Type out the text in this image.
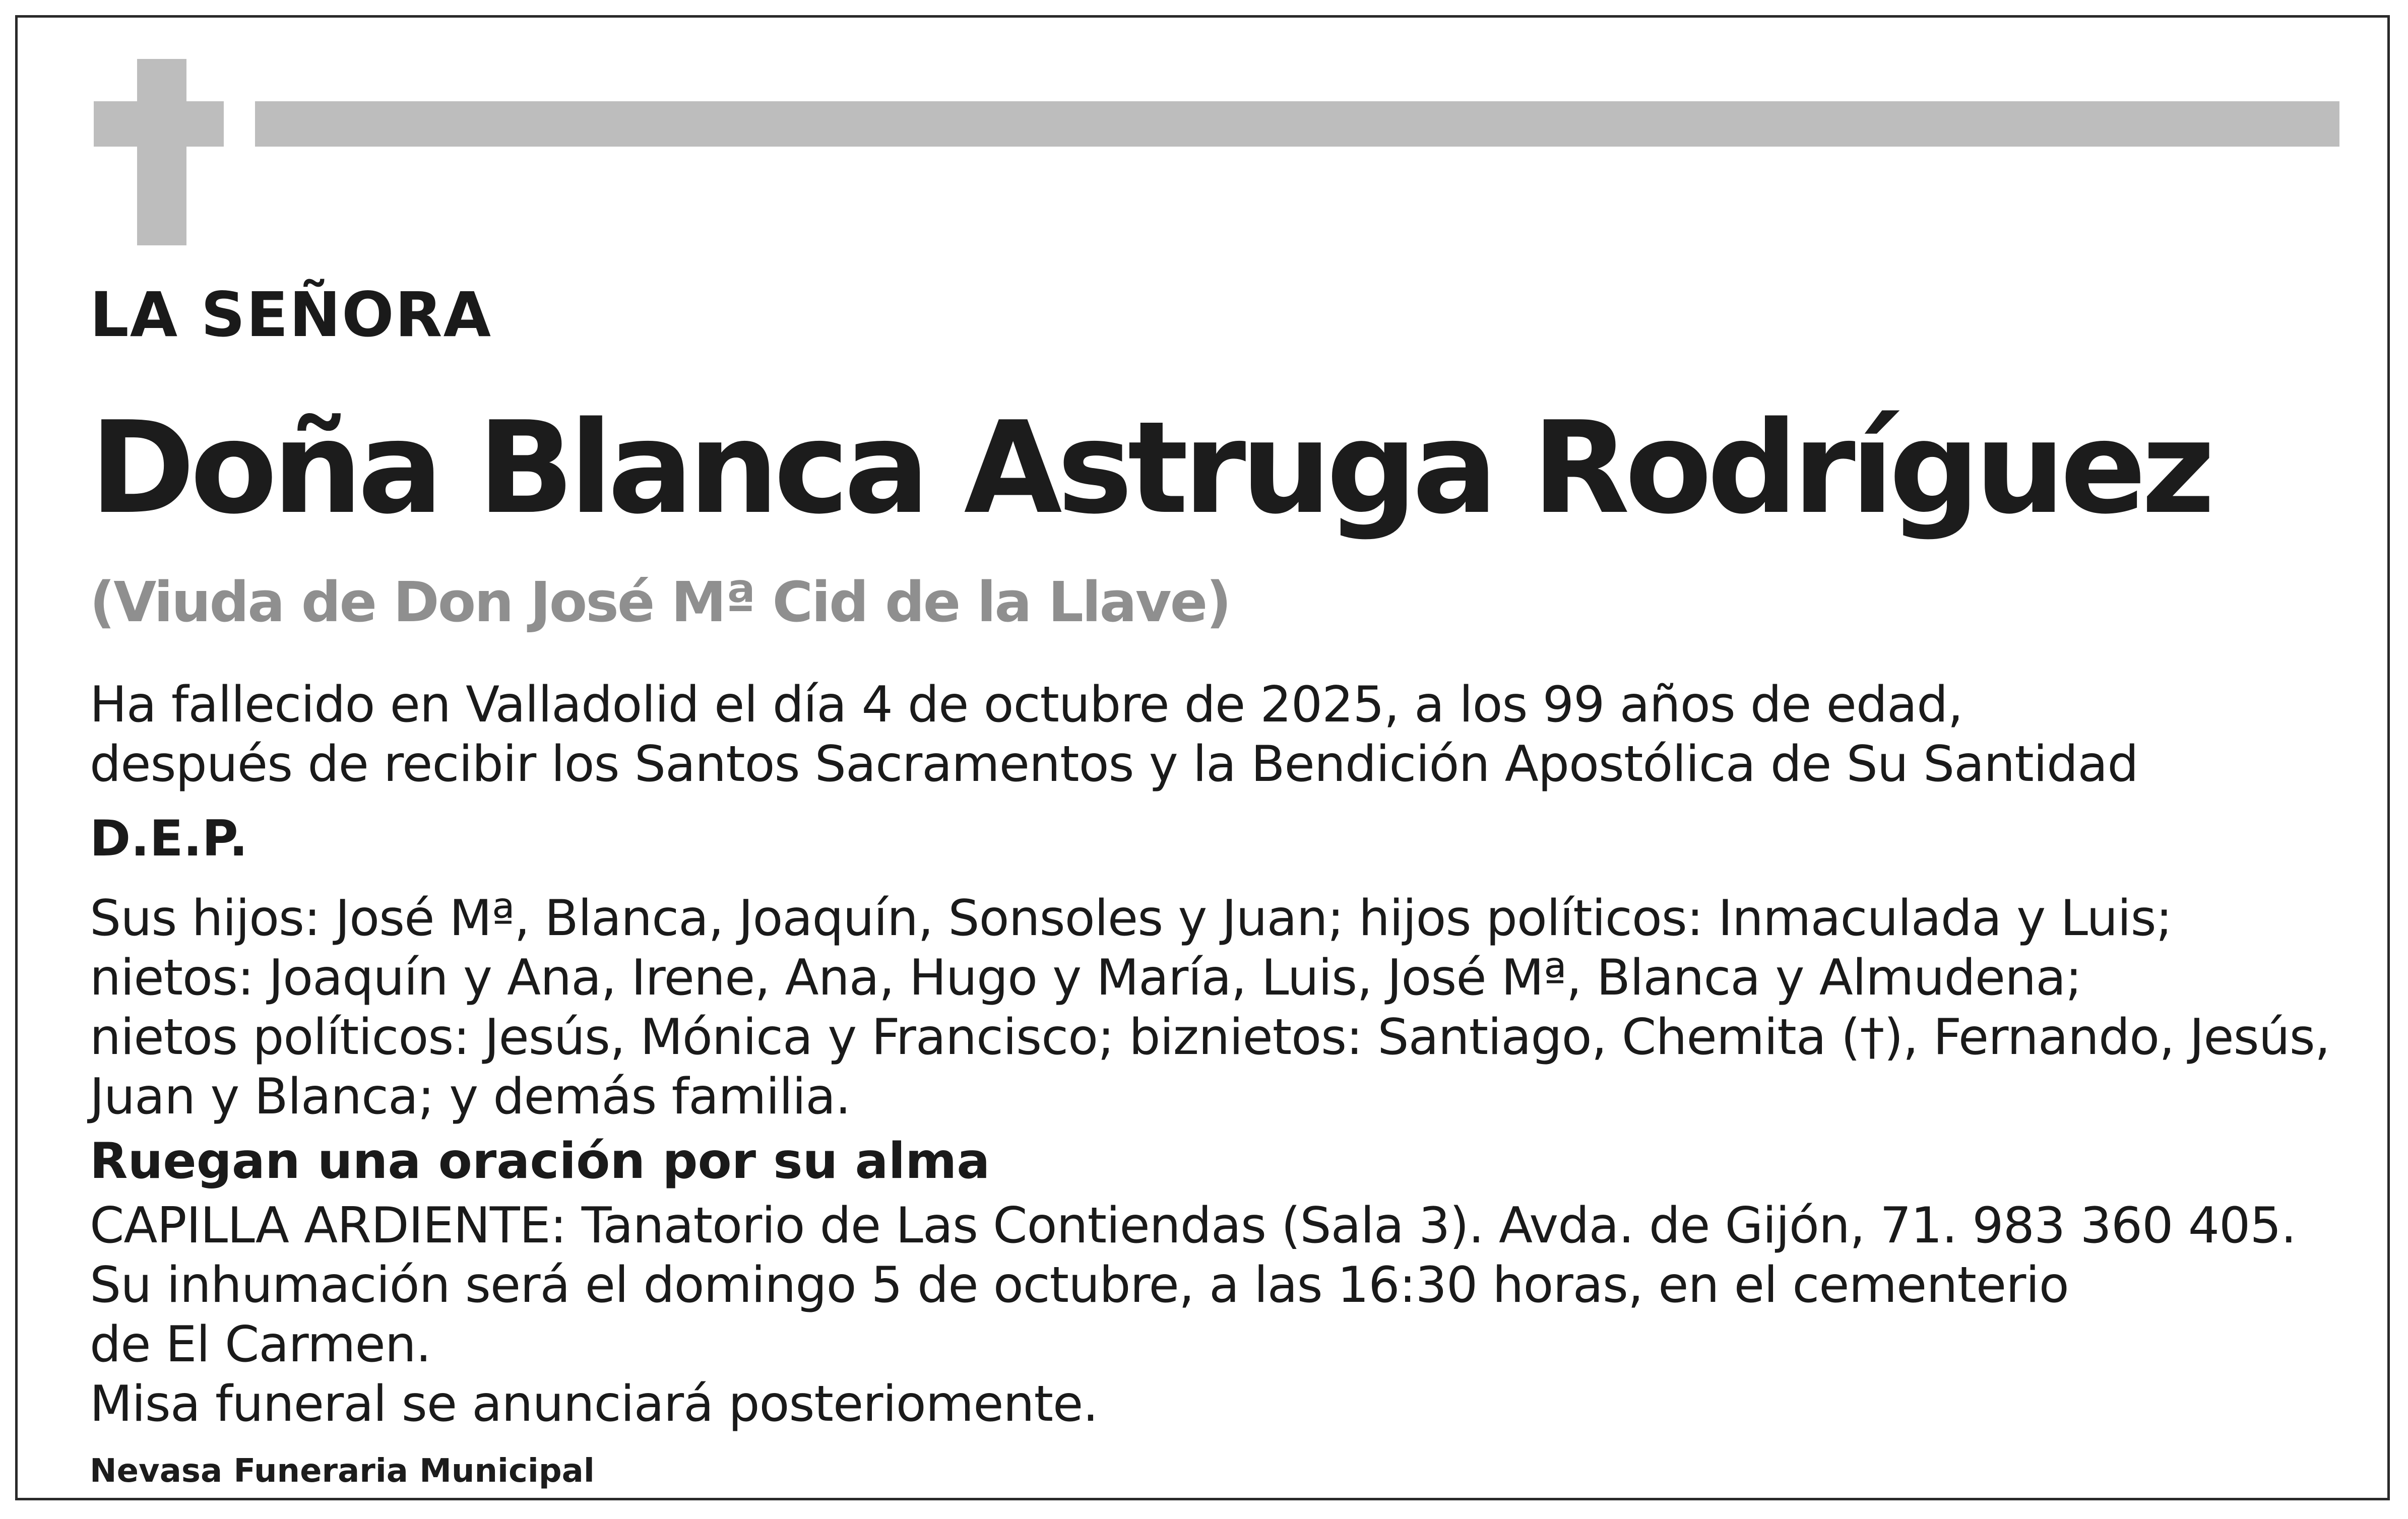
LA SEÑORA

Doña Blanca Astruga Rodríguez

(Viuda de Don José Mª Cid de la Llave)

Ha fallecido en Valladolid el día 4 de octubre de 2025, a los 99 años de edad,

después de recibir los Santos Sacramentos y la Bendición Apostólica de Su Santidad

D.E.P.

Sus hijos: José Mª, Blanca, Joaquín, Sonsoles y Juan; hijos políticos: Inmaculada y Luis;

nietos: Joaquín y Ana, Irene, Ana, Hugo y María, Luis, José Mª, Blanca y Almudena;

nietos políticos: Jesús, Mónica y Francisco; biznietos: Santiago, Chemita (†), Fernando, Jesús,

Juan y Blanca; y demás familia.

Ruegan una oración por su alma

CAPILLA ARDIENTE: Tanatorio de Las Contiendas (Sala 3). Avda. de Gijón, 71. 983 360 405.

Su inhumación será el domingo 5 de octubre, a las 16:30 horas, en el cementerio

de El Carmen.

Misa funeral se anunciará posteriomente.

Nevasa Funeraria Municipal
